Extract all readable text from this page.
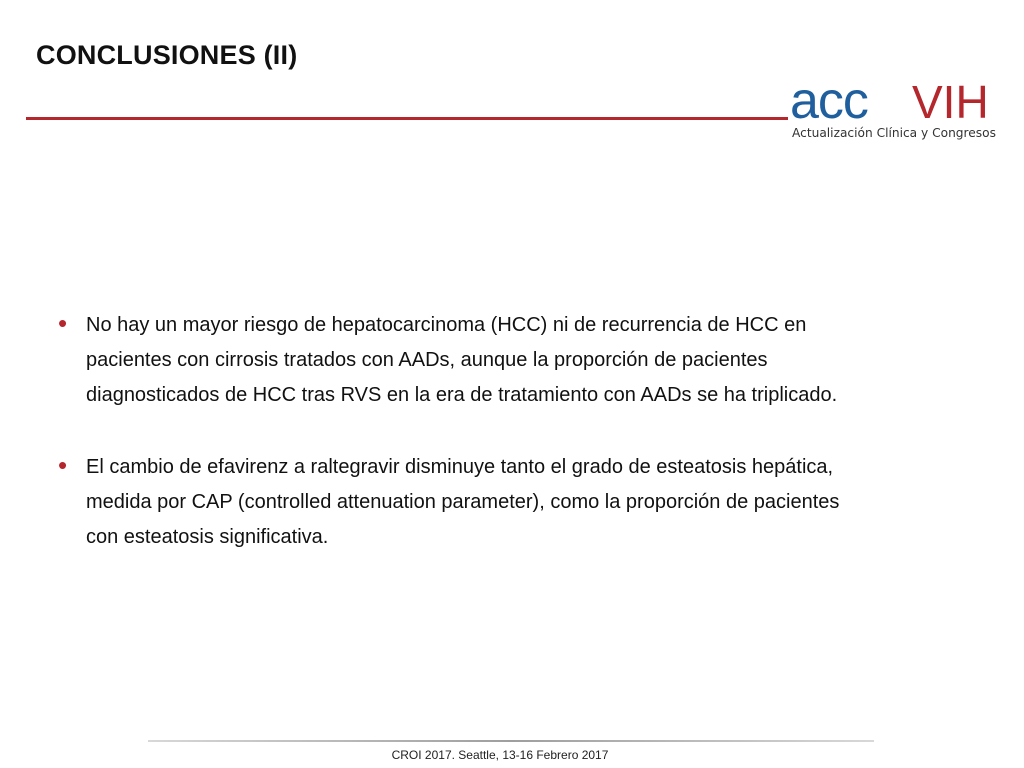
CONCLUSIONES (II)
acc VIH
Actualización Clínica y Congresos
• No hay un mayor riesgo de hepatocarcinoma (HCC) ni de recurrencia de HCC en
pacientes con cirrosis tratados con AADs, aunque la proporción de pacientes
diagnosticados de HCC tras RVS en la era de tratamiento con AADs se ha triplicado.
• El cambio de efavirenz a raltegravir disminuye tanto el grado de esteatosis hepática,
medida por CAP (controlled attenuation parameter), como la proporción de pacientes
con esteatosis significativa.
CROI 2017. Seattle, 13-16 Febrero 2017
